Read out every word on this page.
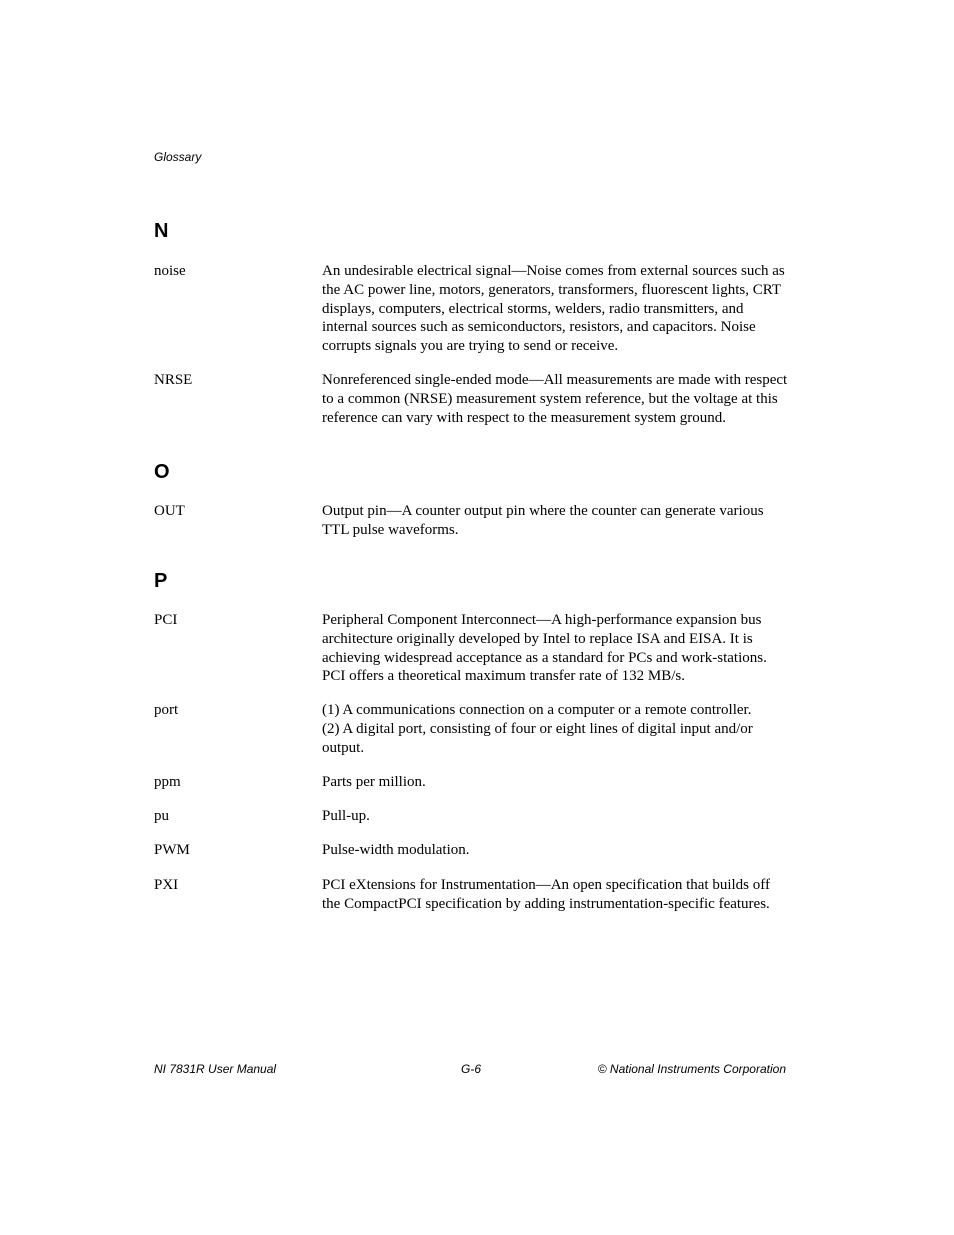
Glossary
N
noise	An undesirable electrical signal—Noise comes from external sources such as the AC power line, motors, generators, transformers, fluorescent lights, CRT displays, computers, electrical storms, welders, radio transmitters, and internal sources such as semiconductors, resistors, and capacitors. Noise corrupts signals you are trying to send or receive.
NRSE	Nonreferenced single-ended mode—All measurements are made with respect to a common (NRSE) measurement system reference, but the voltage at this reference can vary with respect to the measurement system ground.
O
OUT	Output pin—A counter output pin where the counter can generate various TTL pulse waveforms.
P
PCI	Peripheral Component Interconnect—A high-performance expansion bus architecture originally developed by Intel to replace ISA and EISA. It is achieving widespread acceptance as a standard for PCs and work-stations. PCI offers a theoretical maximum transfer rate of 132 MB/s.
port	(1) A communications connection on a computer or a remote controller.
(2) A digital port, consisting of four or eight lines of digital input and/or output.
ppm	Parts per million.
pu	Pull-up.
PWM	Pulse-width modulation.
PXI	PCI eXtensions for Instrumentation—An open specification that builds off the CompactPCI specification by adding instrumentation-specific features.
NI 7831R User Manual	G-6	© National Instruments Corporation
